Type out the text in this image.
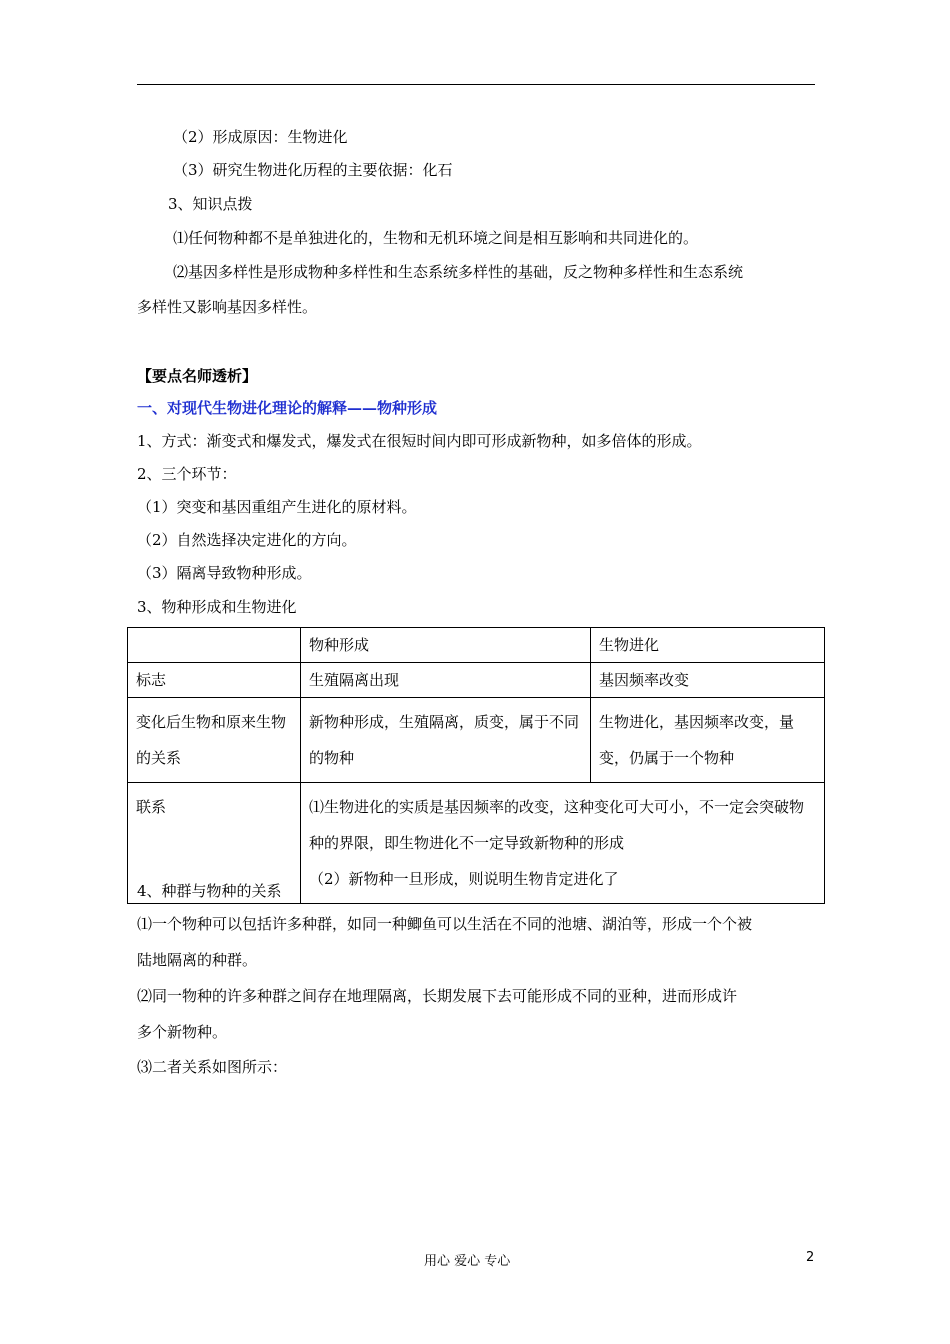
（2）形成原因：生物进化
（3）研究生物进化历程的主要依据：化石
3、知识点拨
⑴任何物种都不是单独进化的，生物和无机环境之间是相互影响和共同进化的。
⑵基因多样性是形成物种多样性和生态系统多样性的基础，反之物种多样性和生态系统
多样性又影响基因多样性。
【要点名师透析】
一、对现代生物进化理论的解释——物种形成
1、方式：渐变式和爆发式，爆发式在很短时间内即可形成新物种，如多倍体的形成。
2、三个环节：
（1）突变和基因重组产生进化的原材料。
（2）自然选择决定进化的方向。
（3）隔离导致物种形成。
3、物种形成和生物进化
	物种形成	生物进化
标志	生殖隔离出现	基因频率改变
变化后生物和原来生物的关系	新物种形成，生殖隔离，质变，属于不同的物种	生物进化，基因频率改变，量变，仍属于一个物种
联系	⑴生物进化的实质是基因频率的改变，这种变化可大可小，不一定会突破物种的界限，即生物进化不一定导致新物种的形成
（2）新物种一旦形成，则说明生物肯定进化了	
4、种群与物种的关系
⑴一个物种可以包括许多种群，如同一种鲫鱼可以生活在不同的池塘、湖泊等，形成一个个被
陆地隔离的种群。
⑵同一物种的许多种群之间存在地理隔离，长期发展下去可能形成不同的亚种，进而形成许
多个新物种。
⑶二者关系如图所示：
用心 爱心 专心	2
